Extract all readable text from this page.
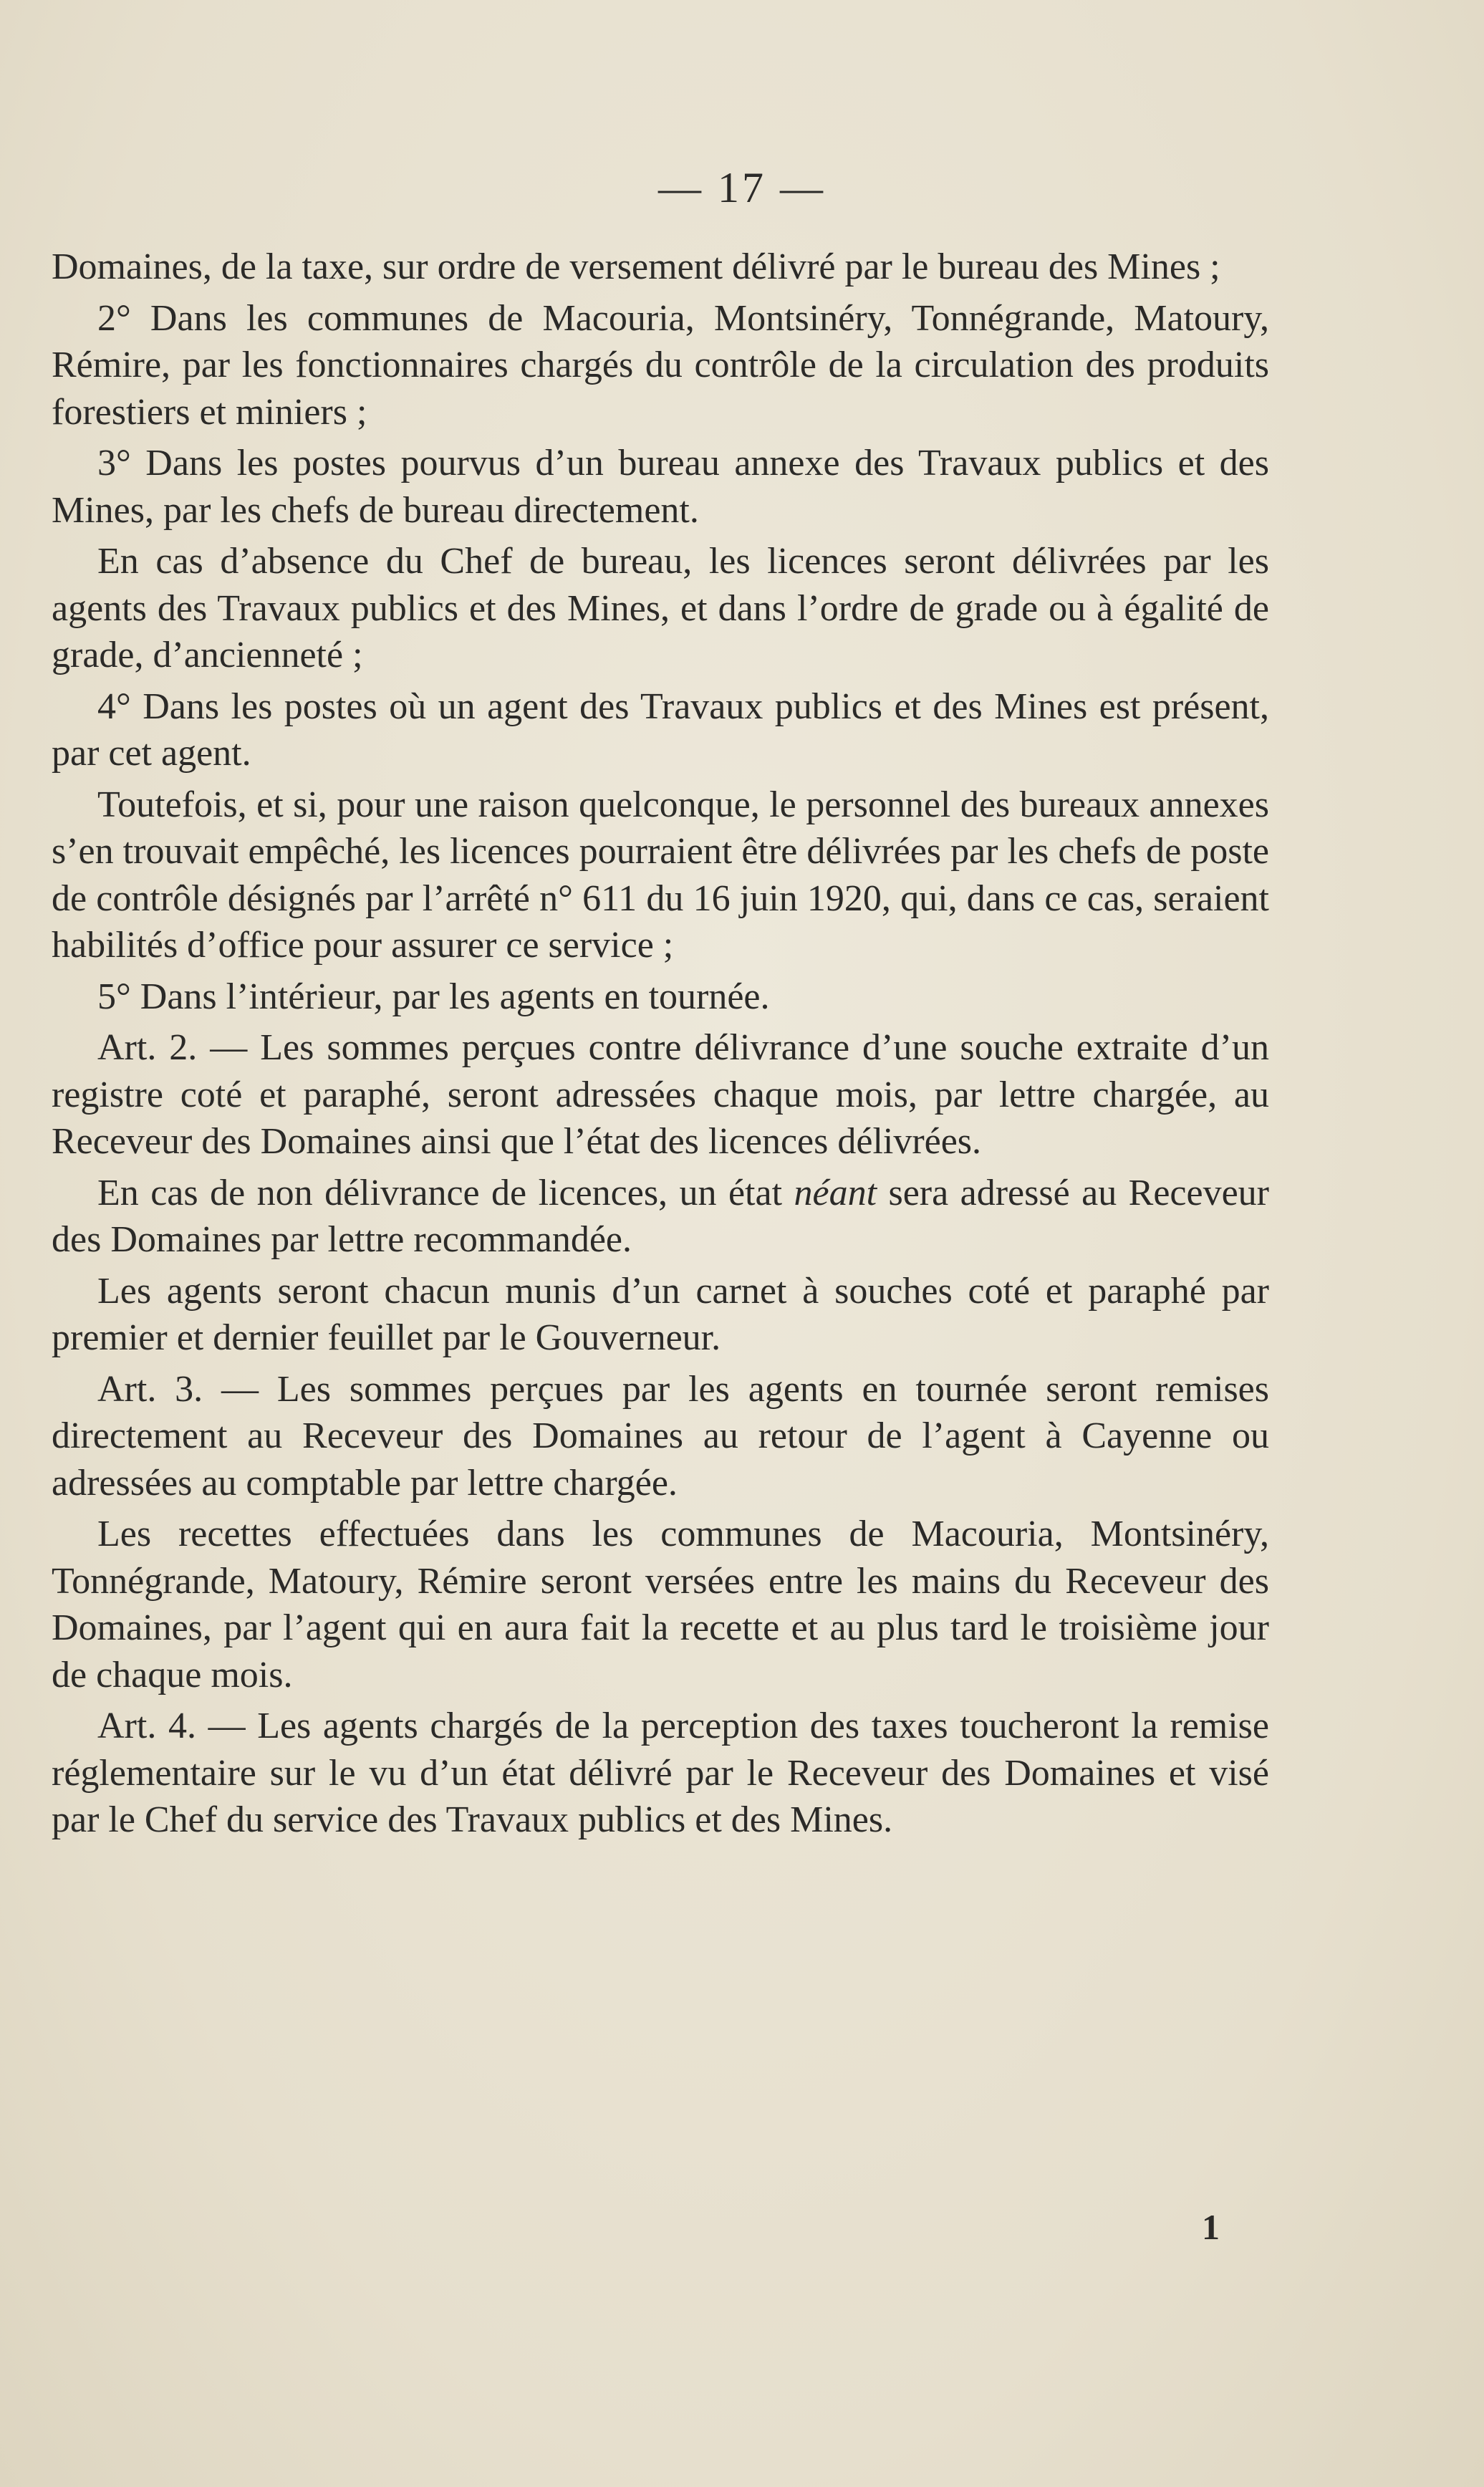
— 17 —

Domaines, de la taxe, sur ordre de versement délivré par le bureau des Mines ;

2° Dans les communes de Macouria, Montsinéry, Tonnégrande, Matoury, Rémire, par les fonctionnaires chargés du contrôle de la circulation des produits forestiers et miniers ;

3° Dans les postes pourvus d’un bureau annexe des Travaux publics et des Mines, par les chefs de bureau directement.

En cas d’absence du Chef de bureau, les licences seront délivrées par les agents des Travaux publics et des Mines, et dans l’ordre de grade ou à égalité de grade, d’ancienneté ;

4° Dans les postes où un agent des Travaux publics et des Mines est présent, par cet agent.

Toutefois, et si, pour une raison quelconque, le personnel des bureaux annexes s’en trouvait empêché, les licences pourraient être délivrées par les chefs de poste de contrôle désignés par l’arrêté n° 611 du 16 juin 1920, qui, dans ce cas, seraient habilités d’office pour assurer ce service ;

5° Dans l’intérieur, par les agents en tournée.

Art. 2. — Les sommes perçues contre délivrance d’une souche extraite d’un registre coté et paraphé, seront adressées chaque mois, par lettre chargée, au Receveur des Domaines ainsi que l’état des licences délivrées.

En cas de non délivrance de licences, un état néant sera adressé au Receveur des Domaines par lettre recommandée.

Les agents seront chacun munis d’un carnet à souches coté et paraphé par premier et dernier feuillet par le Gouverneur.

Art. 3. — Les sommes perçues par les agents en tournée seront remises directement au Receveur des Domaines au retour de l’agent à Cayenne ou adressées au comptable par lettre chargée.

Les recettes effectuées dans les communes de Macouria, Montsinéry, Tonnégrande, Matoury, Rémire seront versées entre les mains du Receveur des Domaines, par l’agent qui en aura fait la recette et au plus tard le troisième jour de chaque mois.

Art. 4. — Les agents chargés de la perception des taxes toucheront la remise réglementaire sur le vu d’un état délivré par le Receveur des Domaines et visé par le Chef du service des Travaux publics et des Mines.

1
